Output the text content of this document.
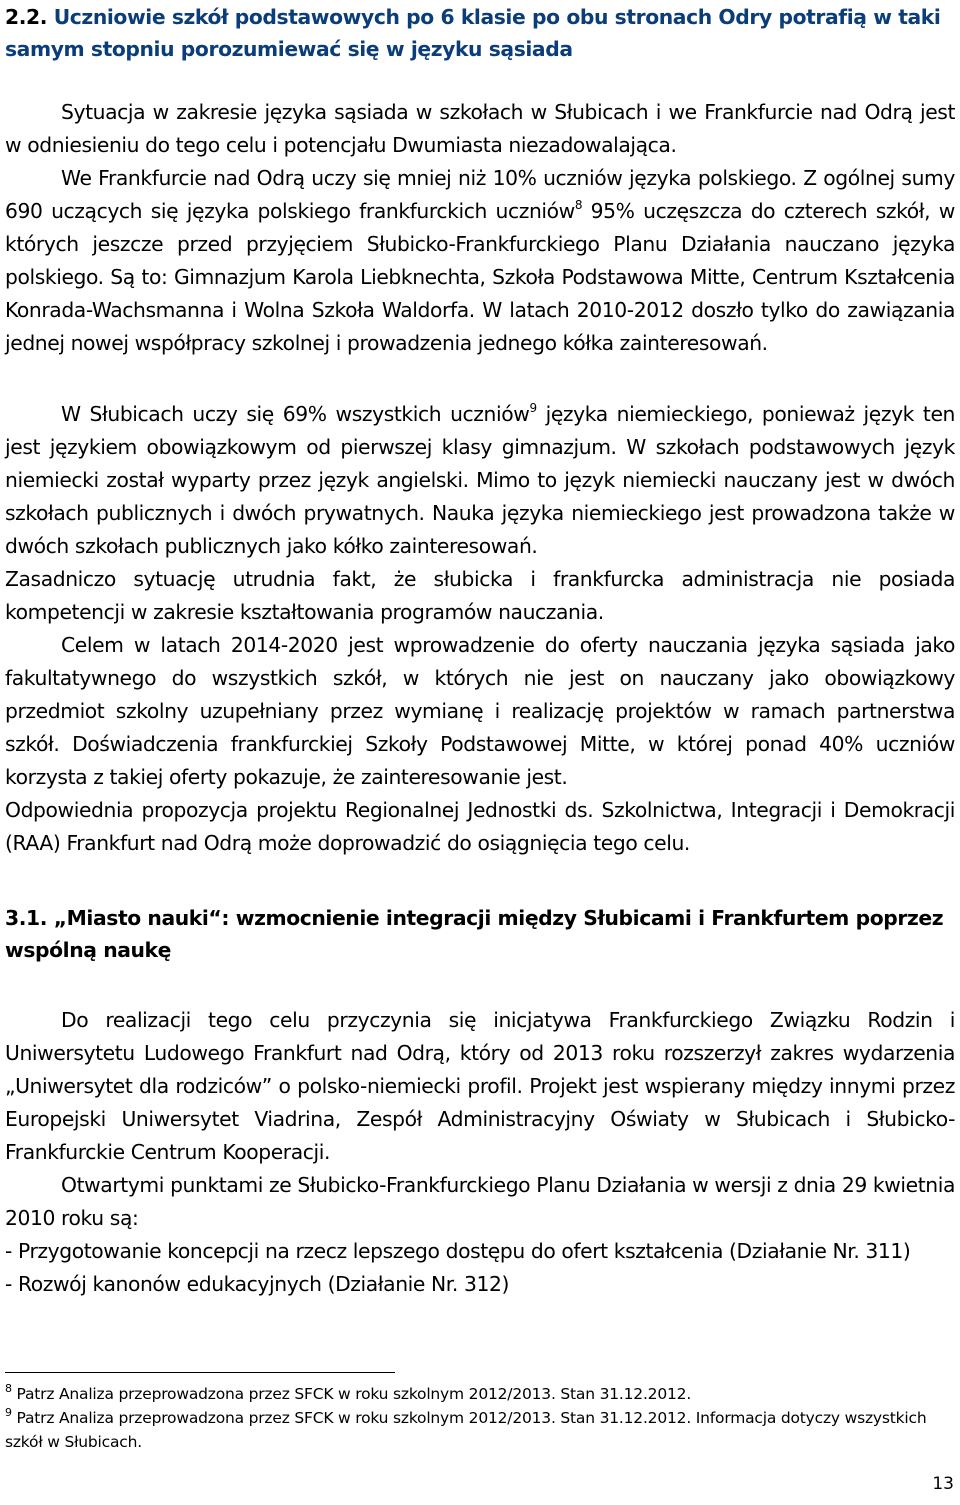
2.2. Uczniowie szkół podstawowych po 6 klasie po obu stronach Odry potrafią w taki samym stopniu porozumiewać się w języku sąsiada

Sytuacja w zakresie języka sąsiada w szkołach w Słubicach i we Frankfurcie nad Odrą jest w odniesieniu do tego celu i potencjału Dwumiasta niezadowalająca.

We Frankfurcie nad Odrą uczy się mniej niż 10% uczniów języka polskiego. Z ogólnej sumy 690 uczących się języka polskiego frankfurckich uczniów$^8$ 95% uczęszcza do czterech szkół, w których jeszcze przed przyjęciem Słubicko-Frankfurckiego Planu Działania nauczano języka polskiego. Są to: Gimnazjum Karola Liebknechta, Szkoła Podstawowa Mitte, Centrum Kształcenia Konrada-Wachsmanna i Wolna Szkoła Waldorfa. W latach 2010-2012 doszło tylko do zawiązania jednej nowej współpracy szkolnej i prowadzenia jednego kółka zainteresowań.

W Słubicach uczy się 69% wszystkich uczniów$^9$ języka niemieckiego, ponieważ język ten jest językiem obowiązkowym od pierwszej klasy gimnazjum. W szkołach podstawowych język niemiecki został wyparty przez język angielski. Mimo to język niemiecki nauczany jest w dwóch szkołach publicznych i dwóch prywatnych. Nauka języka niemieckiego jest prowadzona także w dwóch szkołach publicznych jako kółko zainteresowań.

Zasadniczo sytuację utrudnia fakt, że słubicka i frankfurcka administracja nie posiada kompetencji w zakresie kształtowania programów nauczania.

Celem w latach 2014-2020 jest wprowadzenie do oferty nauczania języka sąsiada jako fakultatywnego do wszystkich szkół, w których nie jest on nauczany jako obowiązkowy przedmiot szkolny uzupełniany przez wymianę i realizację projektów w ramach partnerstwa szkół. Doświadczenia frankfurckiej Szkoły Podstawowej Mitte, w której ponad 40% uczniów korzysta z takiej oferty pokazuje, że zainteresowanie jest.

Odpowiednia propozycja projektu Regionalnej Jednostki ds. Szkolnictwa, Integracji i Demokracji (RAA) Frankfurt nad Odrą może doprowadzić do osiągnięcia tego celu.

3.1. „Miasto nauki“: wzmocnienie integracji między Słubicami i Frankfurtem poprzez wspólną naukę

Do realizacji tego celu przyczynia się inicjatywa Frankfurckiego Związku Rodzin i Uniwersytetu Ludowego Frankfurt nad Odrą, który od 2013 roku rozszerzył zakres wydarzenia „Uniwersytet dla rodziców” o polsko-niemiecki profil. Projekt jest wspierany między innymi przez Europejski Uniwersytet Viadrina, Zespół Administracyjny Oświaty w Słubicach i Słubicko-Frankfurckie Centrum Kooperacji.

Otwartymi punktami ze Słubicko-Frankfurckiego Planu Działania w wersji z dnia 29 kwietnia 2010 roku są:

- Przygotowanie koncepcji na rzecz lepszego dostępu do ofert kształcenia (Działanie Nr. 311)

- Rozwój kanonów edukacyjnych (Działanie Nr. 312)

$^8$ Patrz Analiza przeprowadzona przez SFCK w roku szkolnym 2012/2013. Stan 31.12.2012.

$^9$ Patrz Analiza przeprowadzona przez SFCK w roku szkolnym 2012/2013. Stan 31.12.2012. Informacja dotyczy wszystkich szkół w Słubicach.

13
